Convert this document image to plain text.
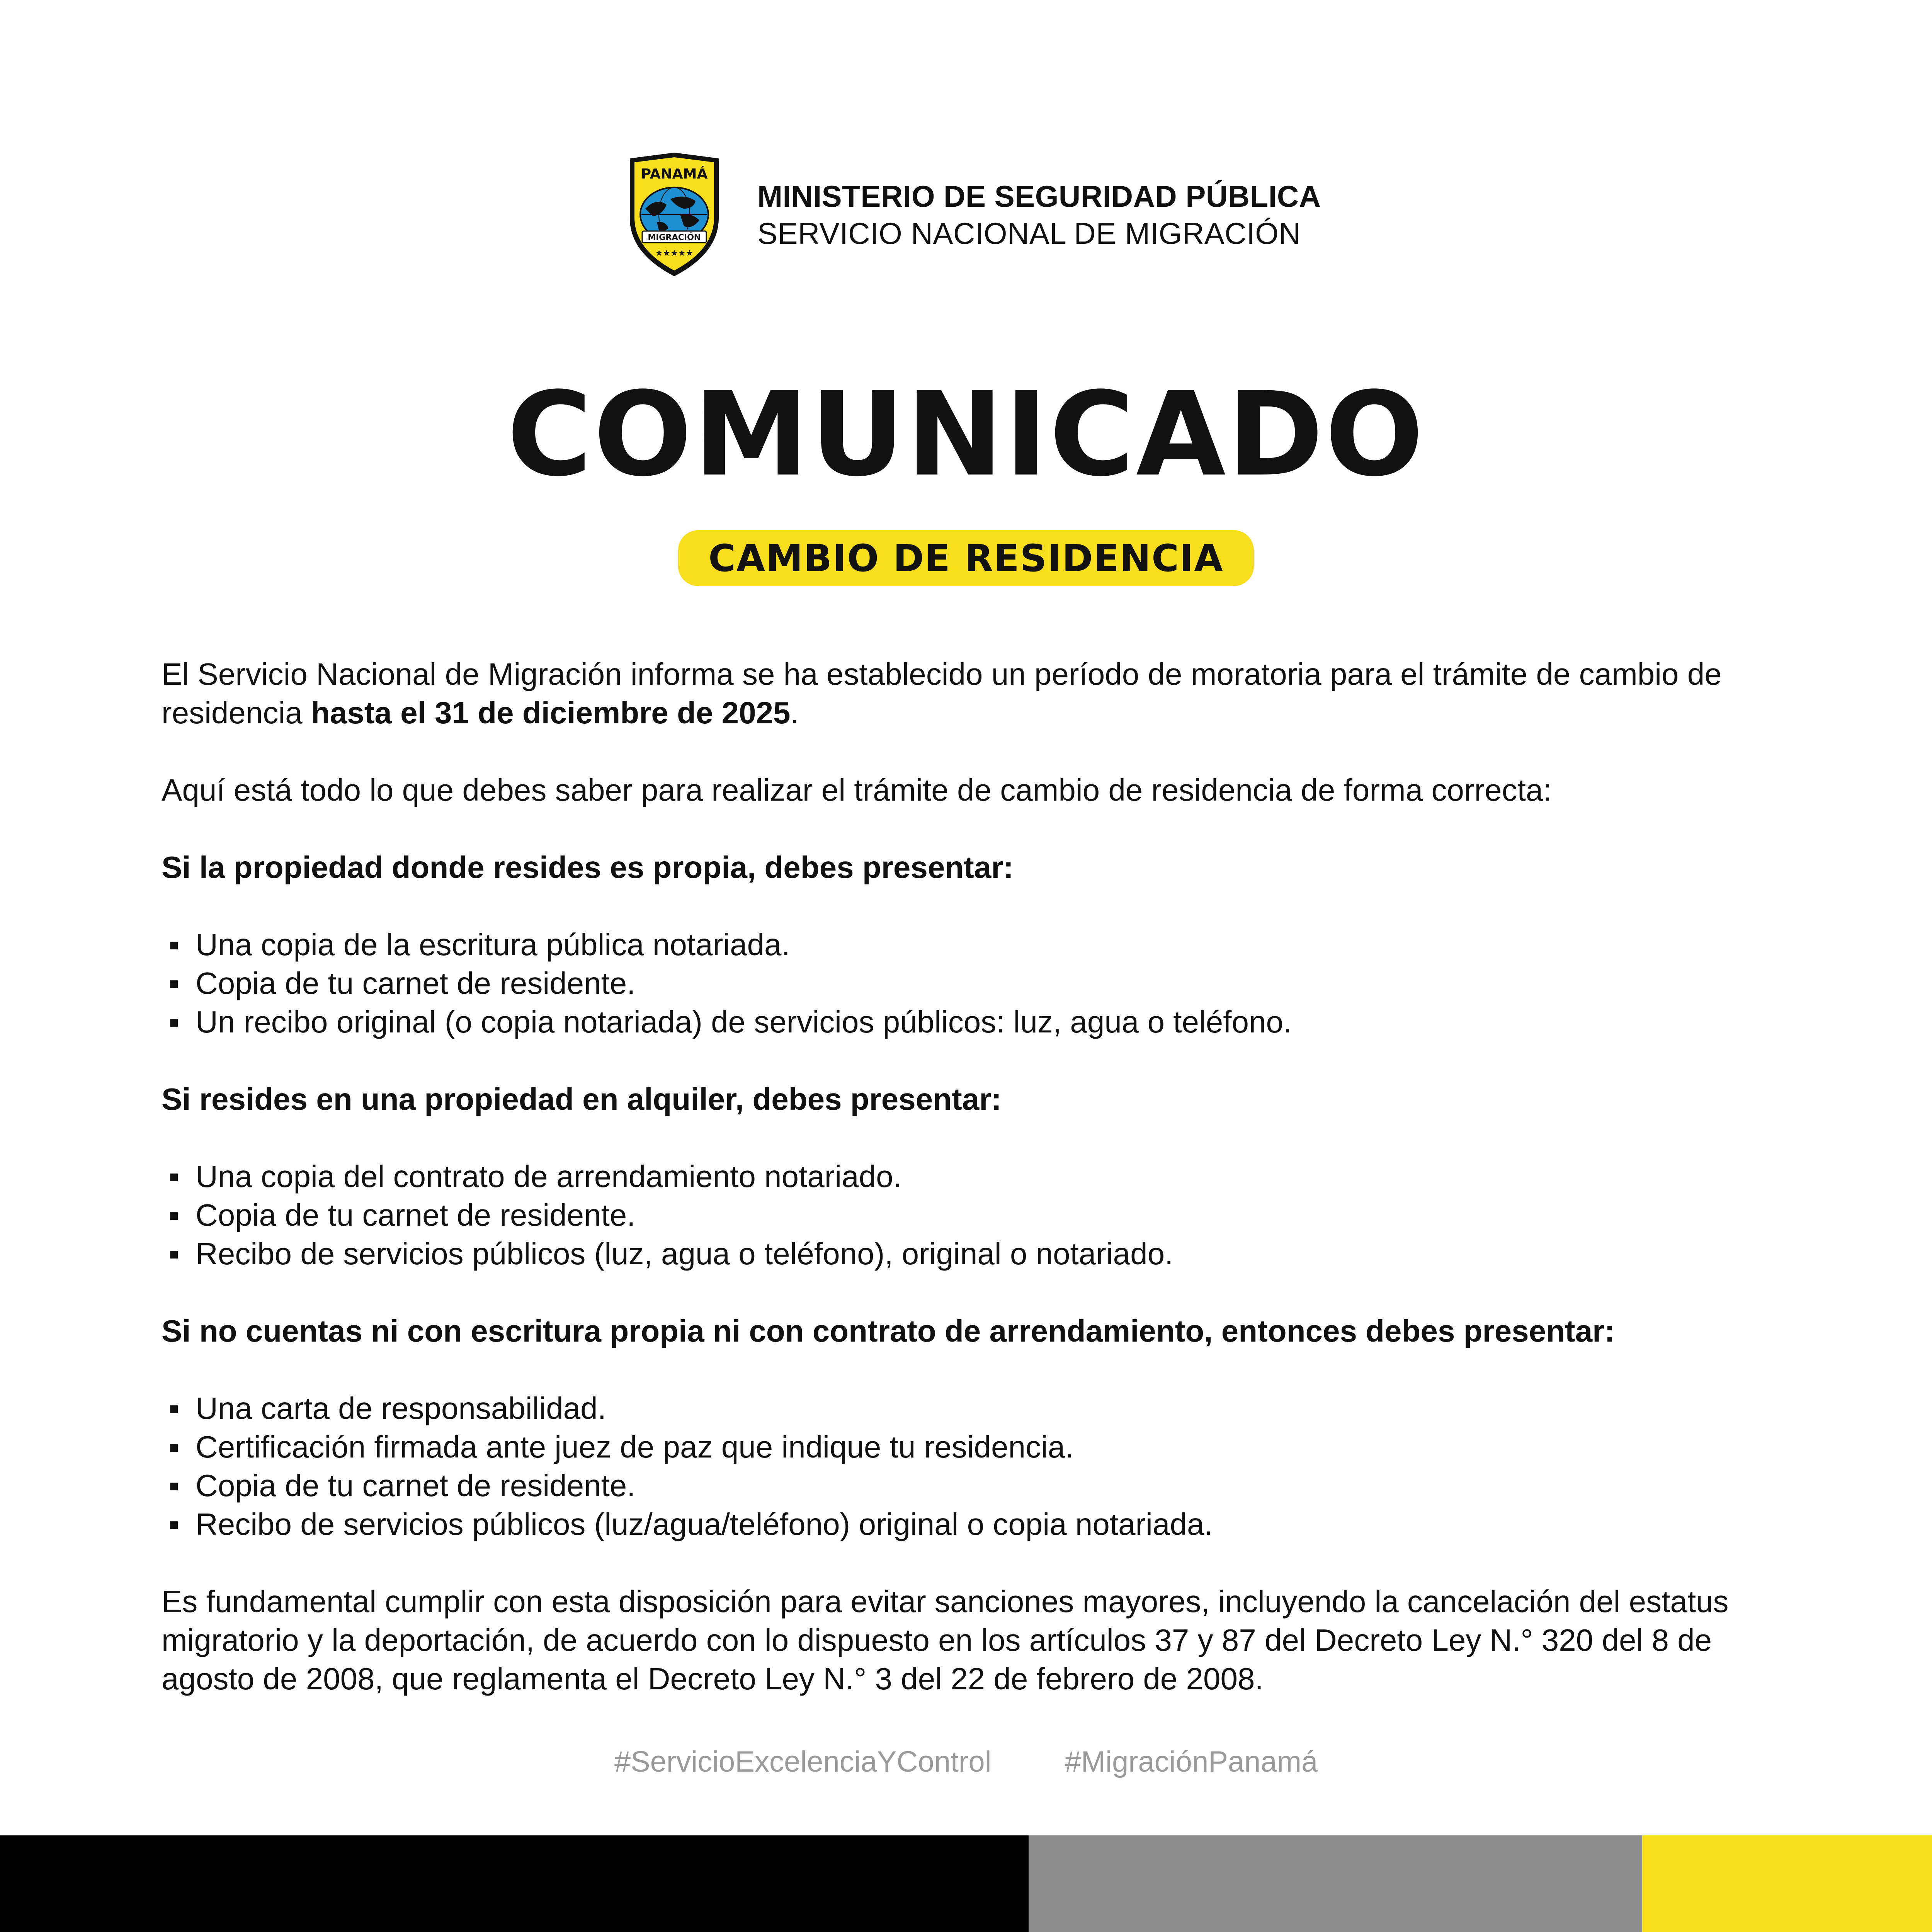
PANAMÁ
MIGRACIÓN
★★★★★
MINISTERIO DE SEGURIDAD PÚBLICA
SERVICIO NACIONAL DE MIGRACIÓN
COMUNICADO
CAMBIO DE RESIDENCIA

El Servicio Nacional de Migración informa se ha establecido un período de moratoria para el trámite de cambio de residencia hasta el 31 de diciembre de 2025.

Aquí está todo lo que debes saber para realizar el trámite de cambio de residencia de forma correcta:

Si la propiedad donde resides es propia, debes presentar:

▪ Una copia de la escritura pública notariada.
▪ Copia de tu carnet de residente.
▪ Un recibo original (o copia notariada) de servicios públicos: luz, agua o teléfono.

Si resides en una propiedad en alquiler, debes presentar:

▪ Una copia del contrato de arrendamiento notariado.
▪ Copia de tu carnet de residente.
▪ Recibo de servicios públicos (luz, agua o teléfono), original o notariado.

Si no cuentas ni con escritura propia ni con contrato de arrendamiento, entonces debes presentar:

▪ Una carta de responsabilidad.
▪ Certificación firmada ante juez de paz que indique tu residencia.
▪ Copia de tu carnet de residente.
▪ Recibo de servicios públicos (luz/agua/teléfono) original o copia notariada.

Es fundamental cumplir con esta disposición para evitar sanciones mayores, incluyendo la cancelación del estatus migratorio y la deportación, de acuerdo con lo dispuesto en los artículos 37 y 87 del Decreto Ley N.° 320 del 8 de agosto de 2008, que reglamenta el Decreto Ley N.° 3 del 22 de febrero de 2008.

#ServicioExcelenciaYControl	#MigraciónPanamá
